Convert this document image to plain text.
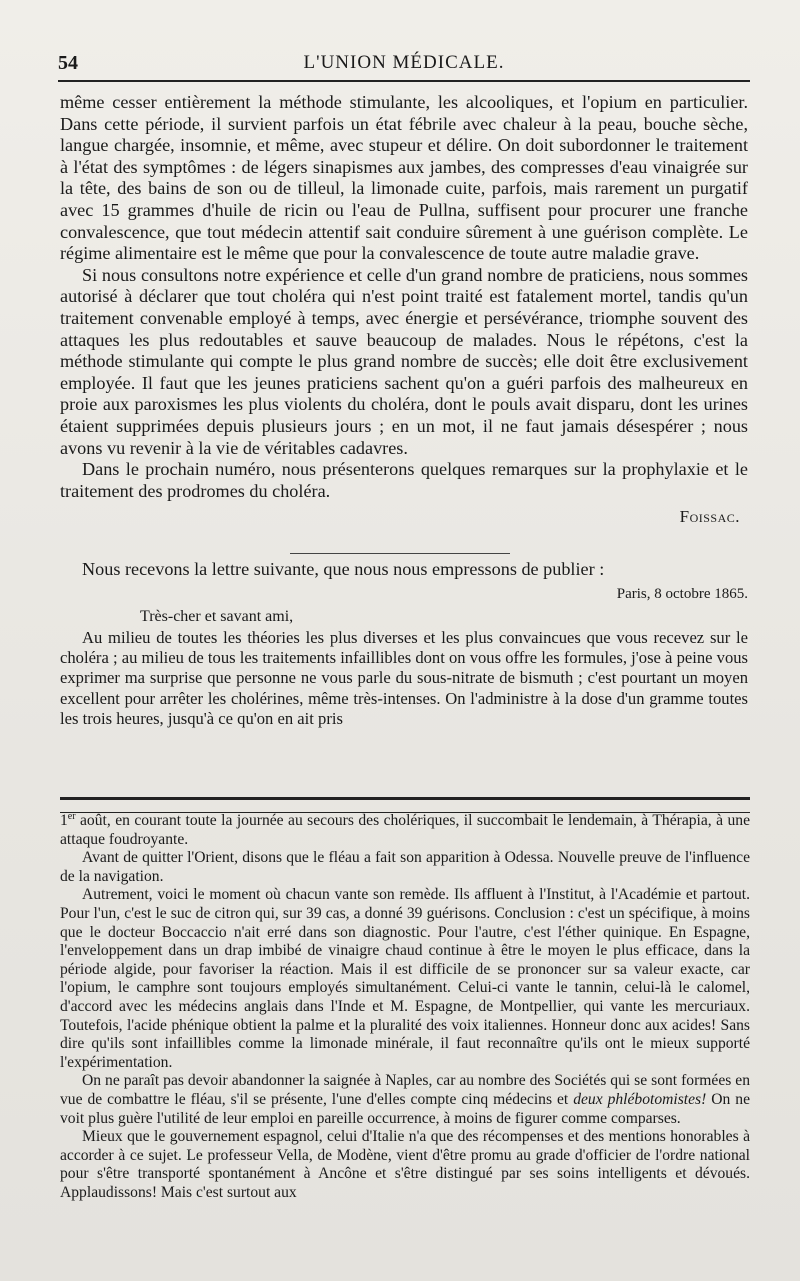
54	L'UNION MÉDICALE.

même cesser entièrement la méthode stimulante, les alcooliques, et l'opium en particulier. Dans cette période, il survient parfois un état fébrile avec chaleur à la peau, bouche sèche, langue chargée, insomnie, et même, avec stupeur et délire. On doit subordonner le traitement à l'état des symptômes : de légers sinapismes aux jambes, des compresses d'eau vinaigrée sur la tête, des bains de son ou de tilleul, la limonade cuite, parfois, mais rarement un purgatif avec 15 grammes d'huile de ricin ou l'eau de Pullna, suffisent pour procurer une franche convalescence, que tout médecin attentif sait conduire sûrement à une guérison complète. Le régime alimentaire est le même que pour la convalescence de toute autre maladie grave.

Si nous consultons notre expérience et celle d'un grand nombre de praticiens, nous sommes autorisé à déclarer que tout choléra qui n'est point traité est fatalement mortel, tandis qu'un traitement convenable employé à temps, avec énergie et persévérance, triomphe souvent des attaques les plus redoutables et sauve beaucoup de malades. Nous le répétons, c'est la méthode stimulante qui compte le plus grand nombre de succès; elle doit être exclusivement employée. Il faut que les jeunes praticiens sachent qu'on a guéri parfois des malheureux en proie aux paroxismes les plus violents du choléra, dont le pouls avait disparu, dont les urines étaient supprimées depuis plusieurs jours ; en un mot, il ne faut jamais désespérer ; nous avons vu revenir à la vie de véritables cadavres.

Dans le prochain numéro, nous présenterons quelques remarques sur la prophylaxie et le traitement des prodromes du choléra.

Foissac.

Nous recevons la lettre suivante, que nous nous empressons de publier :

Paris, 8 octobre 1865.

Très-cher et savant ami,

Au milieu de toutes les théories les plus diverses et les plus convaincues que vous recevez sur le choléra ; au milieu de tous les traitements infaillibles dont on vous offre les formules, j'ose à peine vous exprimer ma surprise que personne ne vous parle du sous-nitrate de bismuth ; c'est pourtant un moyen excellent pour arrêter les cholérines, même très-intenses. On l'administre à la dose d'un gramme toutes les trois heures, jusqu'à ce qu'on en ait pris

1er août, en courant toute la journée au secours des cholériques, il succombait le lendemain, à Thérapia, à une attaque foudroyante.

Avant de quitter l'Orient, disons que le fléau a fait son apparition à Odessa. Nouvelle preuve de l'influence de la navigation.

Autrement, voici le moment où chacun vante son remède. Ils affluent à l'Institut, à l'Académie et partout. Pour l'un, c'est le suc de citron qui, sur 39 cas, a donné 39 guérisons. Conclusion : c'est un spécifique, à moins que le docteur Boccaccio n'ait erré dans son diagnostic. Pour l'autre, c'est l'éther quinique. En Espagne, l'enveloppement dans un drap imbibé de vinaigre chaud continue à être le moyen le plus efficace, dans la période algide, pour favoriser la réaction. Mais il est difficile de se prononcer sur sa valeur exacte, car l'opium, le camphre sont toujours employés simultanément. Celui-ci vante le tannin, celui-là le calomel, d'accord avec les médecins anglais dans l'Inde et M. Espagne, de Montpellier, qui vante les mercuriaux. Toutefois, l'acide phénique obtient la palme et la pluralité des voix italiennes. Honneur donc aux acides! Sans dire qu'ils sont infaillibles comme la limonade minérale, il faut reconnaître qu'ils ont le mieux supporté l'expérimentation.

On ne paraît pas devoir abandonner la saignée à Naples, car au nombre des Sociétés qui se sont formées en vue de combattre le fléau, s'il se présente, l'une d'elles compte cinq médecins et deux phlébotomistes! On ne voit plus guère l'utilité de leur emploi en pareille occurrence, à moins de figurer comme comparses.

Mieux que le gouvernement espagnol, celui d'Italie n'a que des récompenses et des mentions honorables à accorder à ce sujet. Le professeur Vella, de Modène, vient d'être promu au grade d'officier de l'ordre national pour s'être transporté spontanément à Ancône et s'être distingué par ses soins intelligents et dévoués. Applaudissons! Mais c'est surtout aux
